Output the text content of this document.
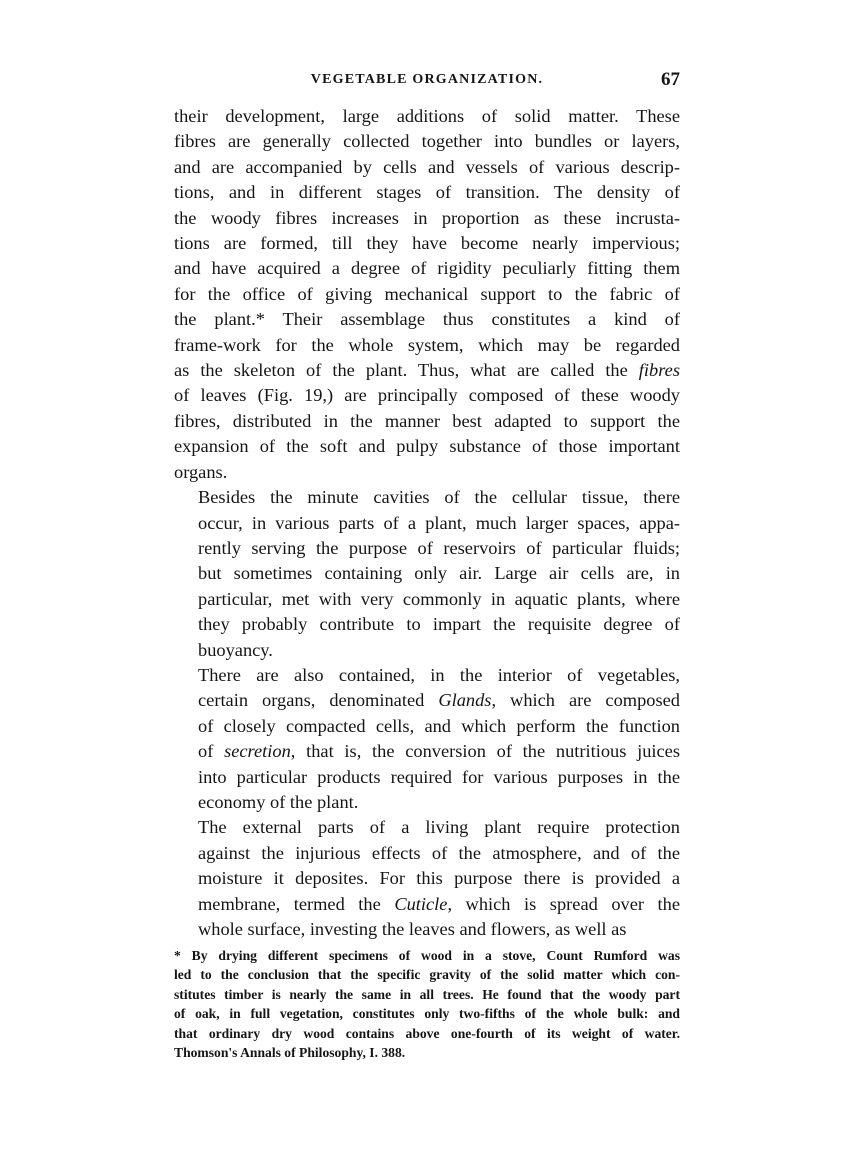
VEGETABLE ORGANIZATION.	67

their development, large additions of solid matter. These
fibres are generally collected together into bundles or layers,
and are accompanied by cells and vessels of various descrip-
tions, and in different stages of transition. The density of
the woody fibres increases in proportion as these incrusta-
tions are formed, till they have become nearly impervious;
and have acquired a degree of rigidity peculiarly fitting them
for the office of giving mechanical support to the fabric of
the plant.* Their assemblage thus constitutes a kind of
frame-work for the whole system, which may be regarded
as the skeleton of the plant. Thus, what are called the fibres
of leaves (Fig. 19,) are principally composed of these woody
fibres, distributed in the manner best adapted to support the
expansion of the soft and pulpy substance of those important
organs.

Besides the minute cavities of the cellular tissue, there
occur, in various parts of a plant, much larger spaces, appa-
rently serving the purpose of reservoirs of particular fluids;
but sometimes containing only air. Large air cells are, in
particular, met with very commonly in aquatic plants, where
they probably contribute to impart the requisite degree of
buoyancy.

There are also contained, in the interior of vegetables,
certain organs, denominated Glands, which are composed
of closely compacted cells, and which perform the function
of secretion, that is, the conversion of the nutritious juices
into particular products required for various purposes in the
economy of the plant.

The external parts of a living plant require protection
against the injurious effects of the atmosphere, and of the
moisture it deposites. For this purpose there is provided a
membrane, termed the Cuticle, which is spread over the
whole surface, investing the leaves and flowers, as well as

* By drying different specimens of wood in a stove, Count Rumford was
led to the conclusion that the specific gravity of the solid matter which con-
stitutes timber is nearly the same in all trees. He found that the woody part
of oak, in full vegetation, constitutes only two-fifths of the whole bulk: and
that ordinary dry wood contains above one-fourth of its weight of water.
Thomson's Annals of Philosophy, I. 388.
